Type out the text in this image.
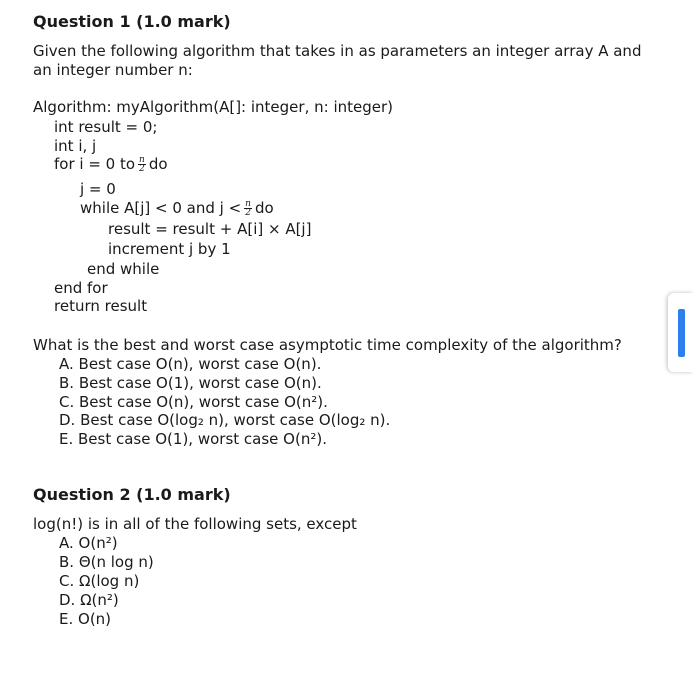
Question 1 (1.0 mark)
Given the following algorithm that takes in as parameters an integer array A and
an integer number n:
Algorithm: myAlgorithm(A[]: integer, n: integer)
int result = 0;
int i, j
for i = 0 to $\frac{n}{2}$ do
j = 0
while A[j] < 0 and $j < \frac{n}{2}$ do
result = result + A[i] × A[j]
increment j by 1
end while
end for
return result
What is the best and worst case asymptotic time complexity of the algorithm?
A. Best case O(n), worst case O(n).
B. Best case O(1), worst case O(n).
C. Best case O(n), worst case O(n²).
D. Best case O(log₂ n), worst case O(log₂ n).
E. Best case O(1), worst case O(n²).
Question 2 (1.0 mark)
log(n!) is in all of the following sets, except
A. O(n²)
B. Θ(n log n)
C. Ω(log n)
D. Ω(n²)
E. O(n)
